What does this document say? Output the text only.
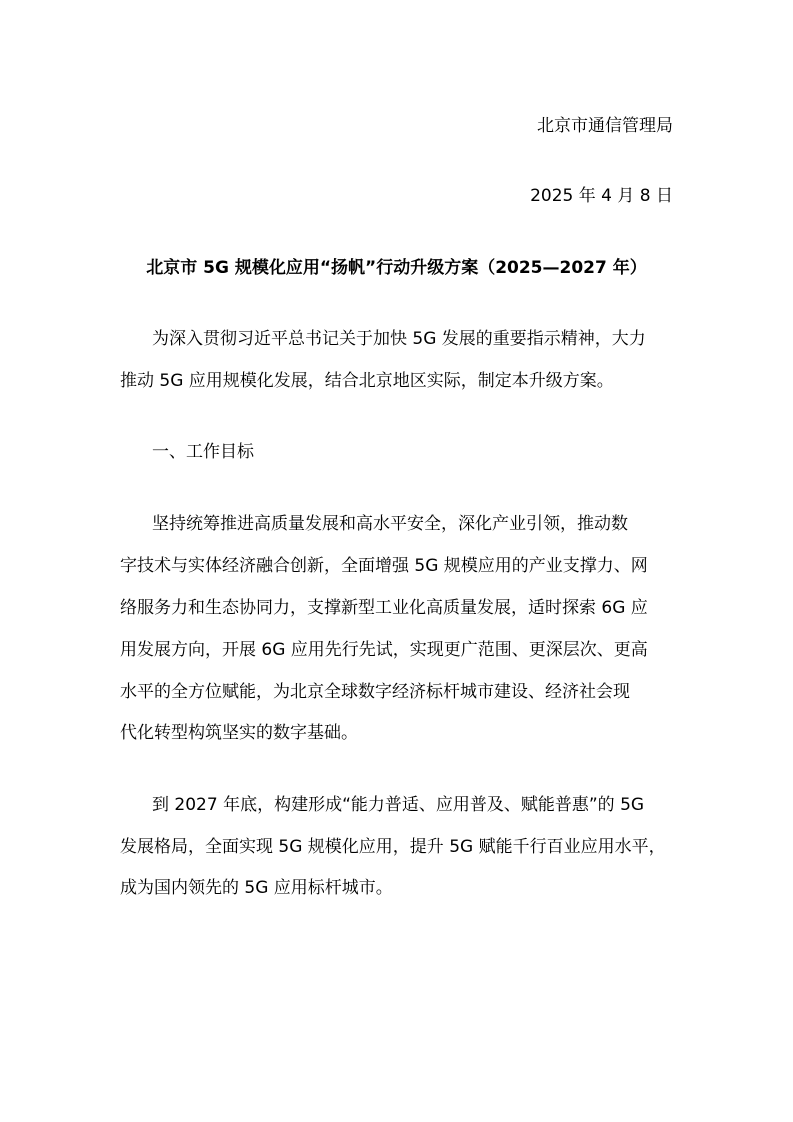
北京市通信管理局
2025 年 4 月 8 日
北京市 5G 规模化应用“扬帆”行动升级方案（2025—2027 年）
为深入贯彻习近平总书记关于加快 5G 发展的重要指示精神，大力
推动 5G 应用规模化发展，结合北京地区实际，制定本升级方案。
一、工作目标
坚持统筹推进高质量发展和高水平安全，深化产业引领，推动数
字技术与实体经济融合创新，全面增强 5G 规模应用的产业支撑力、网
络服务力和生态协同力，支撑新型工业化高质量发展，适时探索 6G 应
用发展方向，开展 6G 应用先行先试，实现更广范围、更深层次、更高
水平的全方位赋能，为北京全球数字经济标杆城市建设、经济社会现
代化转型构筑坚实的数字基础。
到 2027 年底，构建形成“能力普适、应用普及、赋能普惠”的 5G
发展格局，全面实现 5G 规模化应用，提升 5G 赋能千行百业应用水平，
成为国内领先的 5G 应用标杆城市。
